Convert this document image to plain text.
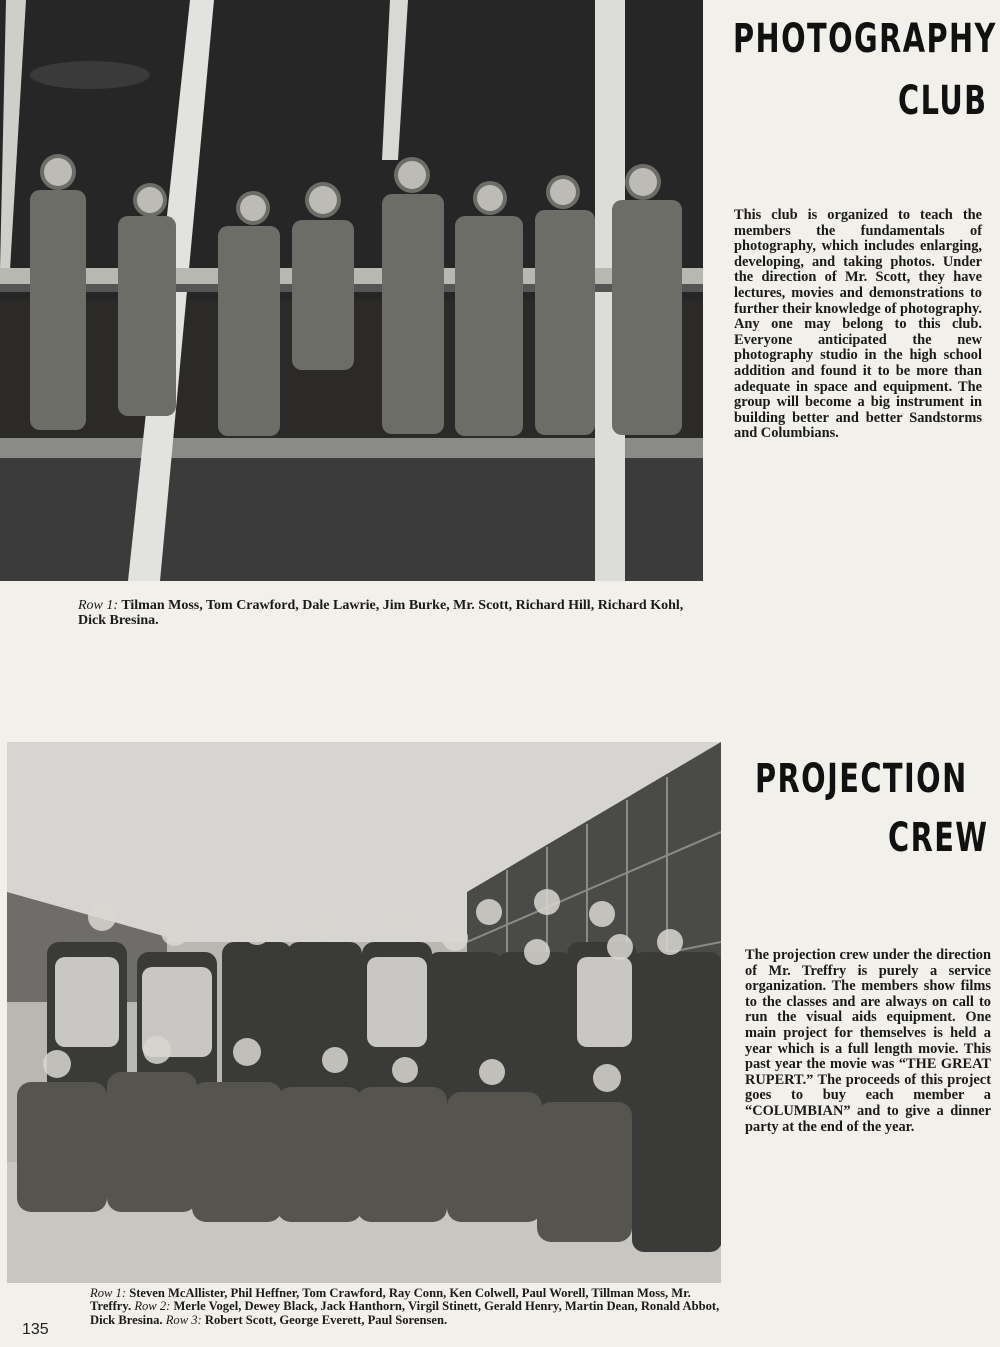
PHOTOGRAPHY
CLUB

This club is organized to teach the members the fundamentals of photography, which includes enlarging, developing, and taking photos. Under the direction of Mr. Scott, they have lectures, movies and demonstrations to further their knowledge of photography. Any one may belong to this club. Everyone anticipated the new photography studio in the high school addition and found it to be more than adequate in space and equipment. The group will become a big instrument in building better and better Sandstorms and Columbians.

Row 1: Tilman Moss, Tom Crawford, Dale Lawrie, Jim Burke, Mr. Scott, Richard Hill, Richard Kohl, Dick Bresina.

PROJECTION
CREW

The projection crew under the direction of Mr. Treffry is purely a service organization. The members show films to the classes and are always on call to run the visual aids equipment. One main project for themselves is held a year which is a full length movie. This past year the movie was “THE GREAT RUPERT.” The proceeds of this project goes to buy each member a “COLUMBIAN” and to give a dinner party at the end of the year.

Row 1: Steven McAllister, Phil Heffner, Tom Crawford, Ray Conn, Ken Colwell, Paul Worell, Tillman Moss, Mr. Treffry. Row 2: Merle Vogel, Dewey Black, Jack Hanthorn, Virgil Stinett, Gerald Henry, Martin Dean, Ronald Abbot, Dick Bresina. Row 3: Robert Scott, George Everett, Paul Sorensen.

135
